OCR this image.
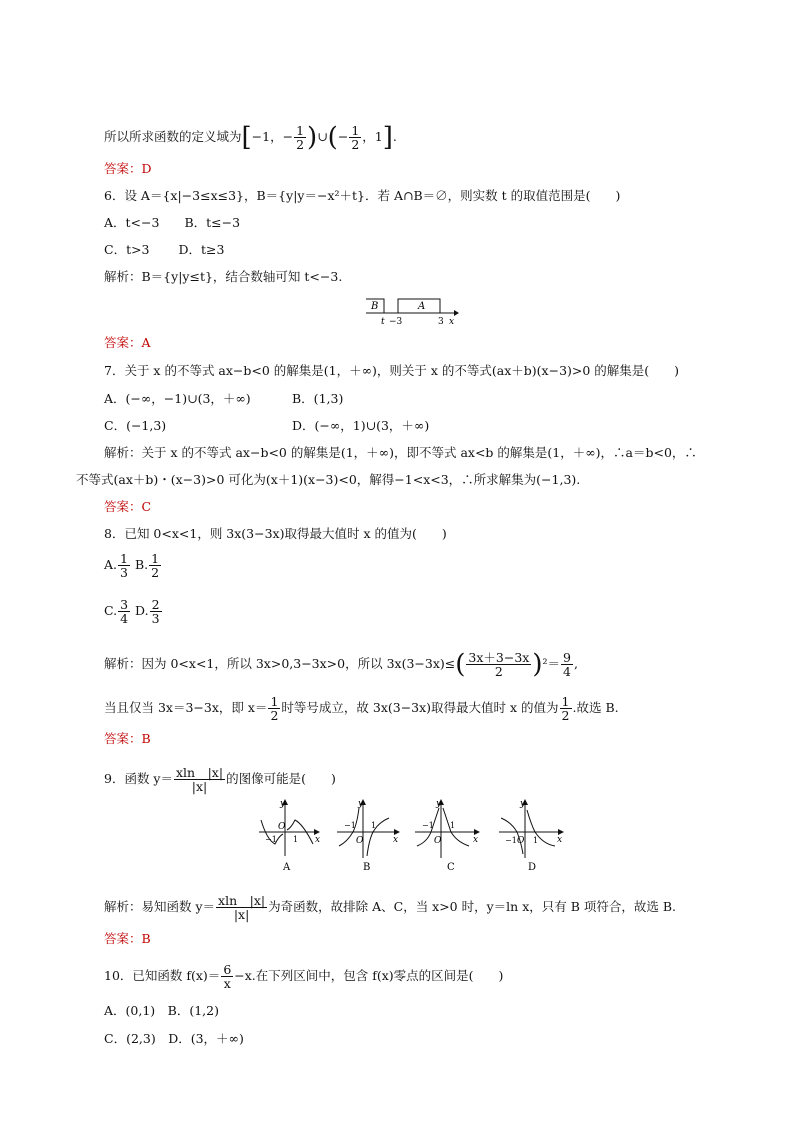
所以所求函数的定义域为[−1，− $\frac{1}{2}$ )∪(− $\frac{1}{2}$ ，1].
答案：D
6．设 A＝{x|−3≤x≤3}，B＝{y|y＝−x²＋t}．若 A∩B＝∅，则实数 t 的取值范围是(　　)
A．t<−3　　B．t≤−3
C．t>3　　 D．t≥3
解析：B＝{y|y≤t}，结合数轴可知 t<−3.
B	A
t −3	3 x
答案：A
7．关于 x 的不等式 ax−b<0 的解集是(1，＋∞)，则关于 x 的不等式(ax＋b)(x−3)>0 的解集是(　　)
A．(−∞，−1)∪(3，＋∞)	B．(1,3)
C．(−1,3)	D．(−∞，1)∪(3，＋∞)
解析：关于 x 的不等式 ax−b<0 的解集是(1，＋∞)，即不等式 ax<b 的解集是(1，＋∞)，∴a＝b<0，∴
不等式(ax＋b)・(x−3)>0 可化为(x＋1)(x−3)<0，解得−1<x<3，∴所求解集为(−1,3).
答案：C
8．已知 0<x<1，则 3x(3−3x)取得最大值时 x 的值为(　　)
A. $\frac{1}{3} B$. $\frac{1}{2}$
C. $\frac{3}{4} D$. $\frac{2}{3}$
解析：因为 0<x<1，所以 3x>0,3−3x>0，所以 $3x(3-3x)\le( \frac{3x+3-3x}{2} )^2= \frac{9}{4}$ ,
当且仅当 3x＝3−3x，即 $x= \frac{1}{2}$ 时等号成立，故 3x(3−3x)取得最大值时 x 的值为 $\frac{1}{2}$ .故选 B.
答案：B
9．函数 $y= \frac{xln |x|}{|x|}$ 的图像可能是(　　)
y
x
O
−1 1
A
y
x
O
−1 1
B
y
x
O
−1 1
C
y
x
O
−1 1
D
解析：易知函数 $y= \frac{xln |x|}{|x|}$ 为奇函数，故排除 A、C，当 x>0 时，y＝ln x，只有 B 项符合，故选 B.
答案：B
10．已知函数 $f(x)= \frac{6}{x} -x$.在下列区间中，包含 f(x)零点的区间是(　　)
A．(0,1)　B．(1,2)
C．(2,3)　D．(3，＋∞)
